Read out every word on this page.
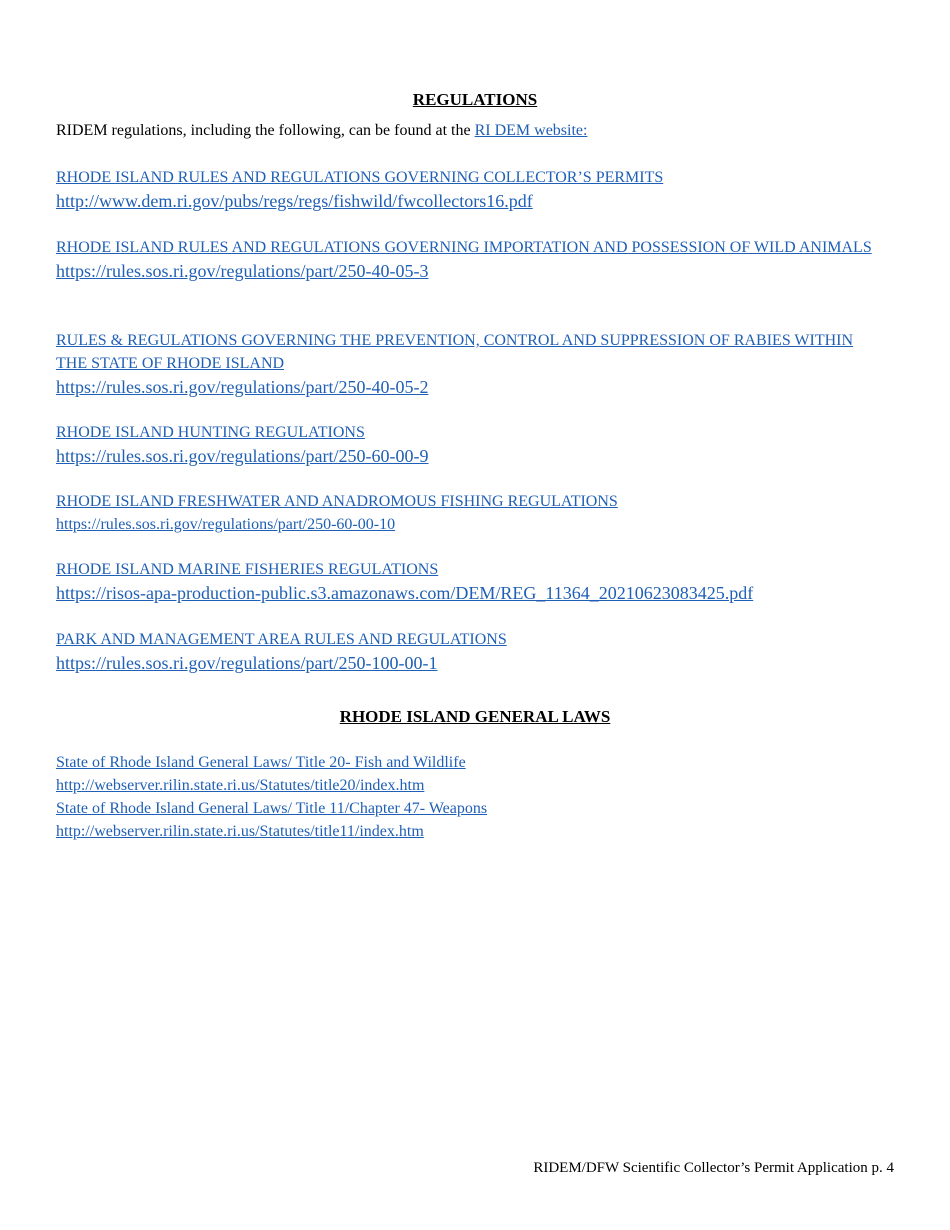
REGULATIONS
RIDEM regulations, including the following, can be found at the RI DEM website:
RHODE ISLAND RULES AND REGULATIONS GOVERNING COLLECTOR’S PERMITS
http://www.dem.ri.gov/pubs/regs/regs/fishwild/fwcollectors16.pdf
RHODE ISLAND RULES AND REGULATIONS GOVERNING IMPORTATION AND POSSESSION OF WILD ANIMALS
https://rules.sos.ri.gov/regulations/part/250-40-05-3
RULES & REGULATIONS GOVERNING THE PREVENTION, CONTROL AND SUPPRESSION OF RABIES WITHIN THE STATE OF RHODE ISLAND
https://rules.sos.ri.gov/regulations/part/250-40-05-2
RHODE ISLAND HUNTING REGULATIONS
https://rules.sos.ri.gov/regulations/part/250-60-00-9
RHODE ISLAND FRESHWATER AND ANADROMOUS FISHING REGULATIONS
https://rules.sos.ri.gov/regulations/part/250-60-00-10
RHODE ISLAND MARINE FISHERIES REGULATIONS
https://risos-apa-production-public.s3.amazonaws.com/DEM/REG_11364_20210623083425.pdf
PARK AND MANAGEMENT AREA RULES AND REGULATIONS
https://rules.sos.ri.gov/regulations/part/250-100-00-1
RHODE ISLAND GENERAL LAWS
State of Rhode Island General Laws/ Title 20- Fish and Wildlife
http://webserver.rilin.state.ri.us/Statutes/title20/index.htm
State of Rhode Island General Laws/ Title 11/Chapter 47- Weapons
http://webserver.rilin.state.ri.us/Statutes/title11/index.htm
RIDEM/DFW Scientific Collector’s Permit Application p. 4
